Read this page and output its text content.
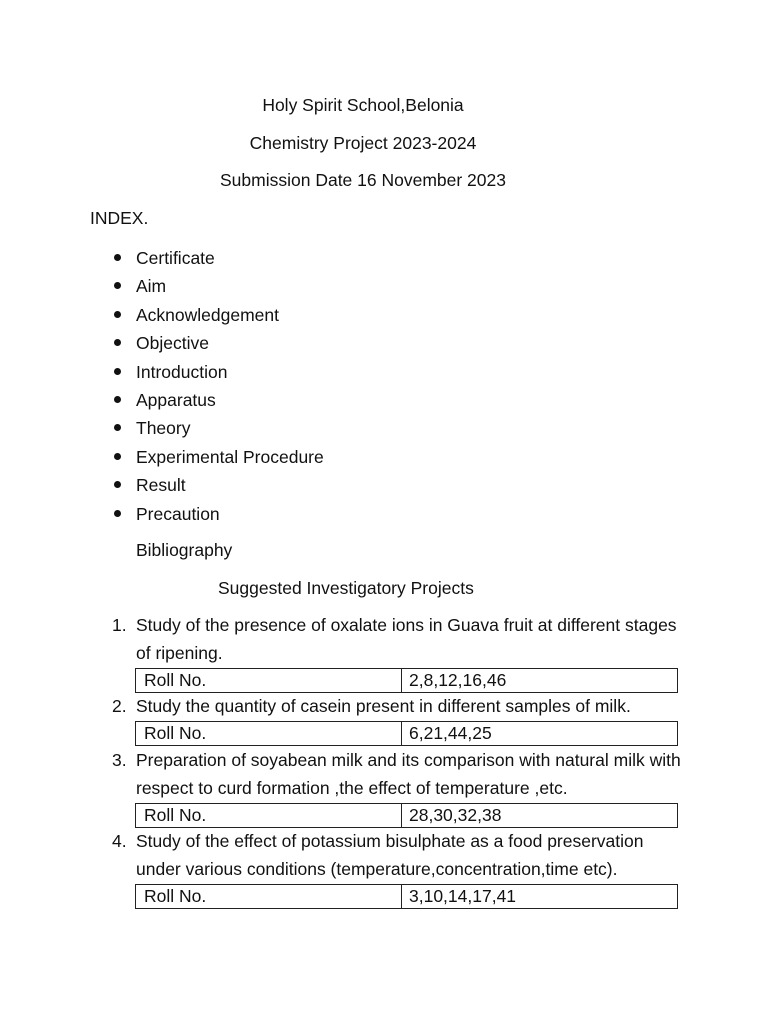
Holy Spirit School,Belonia
Chemistry Project 2023-2024
Submission Date 16 November 2023
INDEX.
Certificate
Aim
Acknowledgement
Objective
Introduction
Apparatus
Theory
Experimental Procedure
Result
Precaution
Bibliography
Suggested Investigatory Projects
1. Study of the presence of oxalate ions in Guava fruit at different stages of ripening.
Roll No.	2,8,12,16,46
2. Study the quantity of casein present in different samples of milk.
Roll No.	6,21,44,25
3. Preparation of soyabean milk and its comparison with natural milk with respect to curd formation ,the effect of temperature ,etc.
Roll No.	28,30,32,38
4. Study of the effect of potassium bisulphate as a food preservation under various conditions (temperature,concentration,time etc).
Roll No.	3,10,14,17,41
